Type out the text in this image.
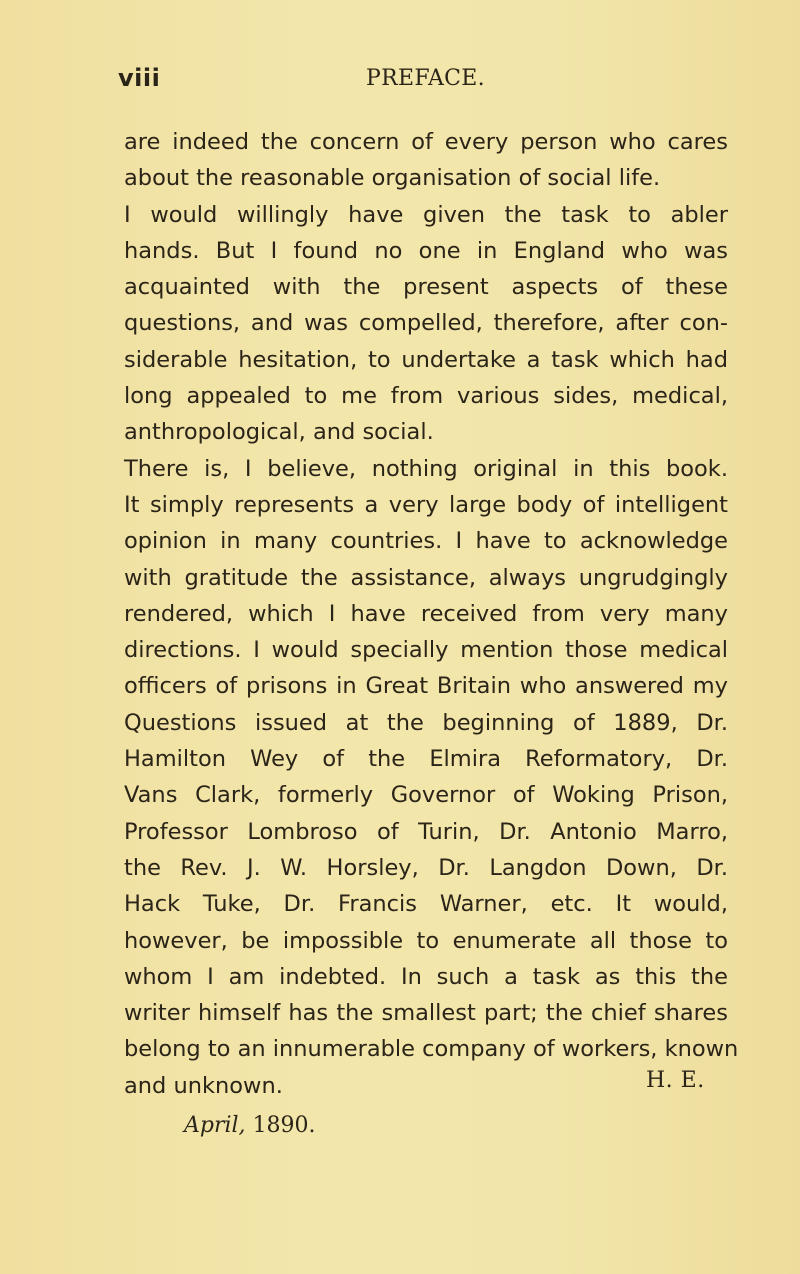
viii	PREFACE.
are indeed the concern of every person who cares
about the reasonable organisation of social life.
I would willingly have given the task to abler
hands. But I found no one in England who was
acquainted with the present aspects of these
questions, and was compelled, therefore, after con-
siderable hesitation, to undertake a task which had
long appealed to me from various sides, medical,
anthropological, and social.
There is, I believe, nothing original in this book.
It simply represents a very large body of intelligent
opinion in many countries. I have to acknowledge
with gratitude the assistance, always ungrudgingly
rendered, which I have received from very many
directions. I would specially mention those medical
officers of prisons in Great Britain who answered my
Questions issued at the beginning of 1889, Dr.
Hamilton Wey of the Elmira Reformatory, Dr.
Vans Clark, formerly Governor of Woking Prison,
Professor Lombroso of Turin, Dr. Antonio Marro,
the Rev. J. W. Horsley, Dr. Langdon Down, Dr.
Hack Tuke, Dr. Francis Warner, etc. It would,
however, be impossible to enumerate all those to
whom I am indebted. In such a task as this the
writer himself has the smallest part; the chief shares
belong to an innumerable company of workers, known
and unknown.	H. E.
April, 1890.
